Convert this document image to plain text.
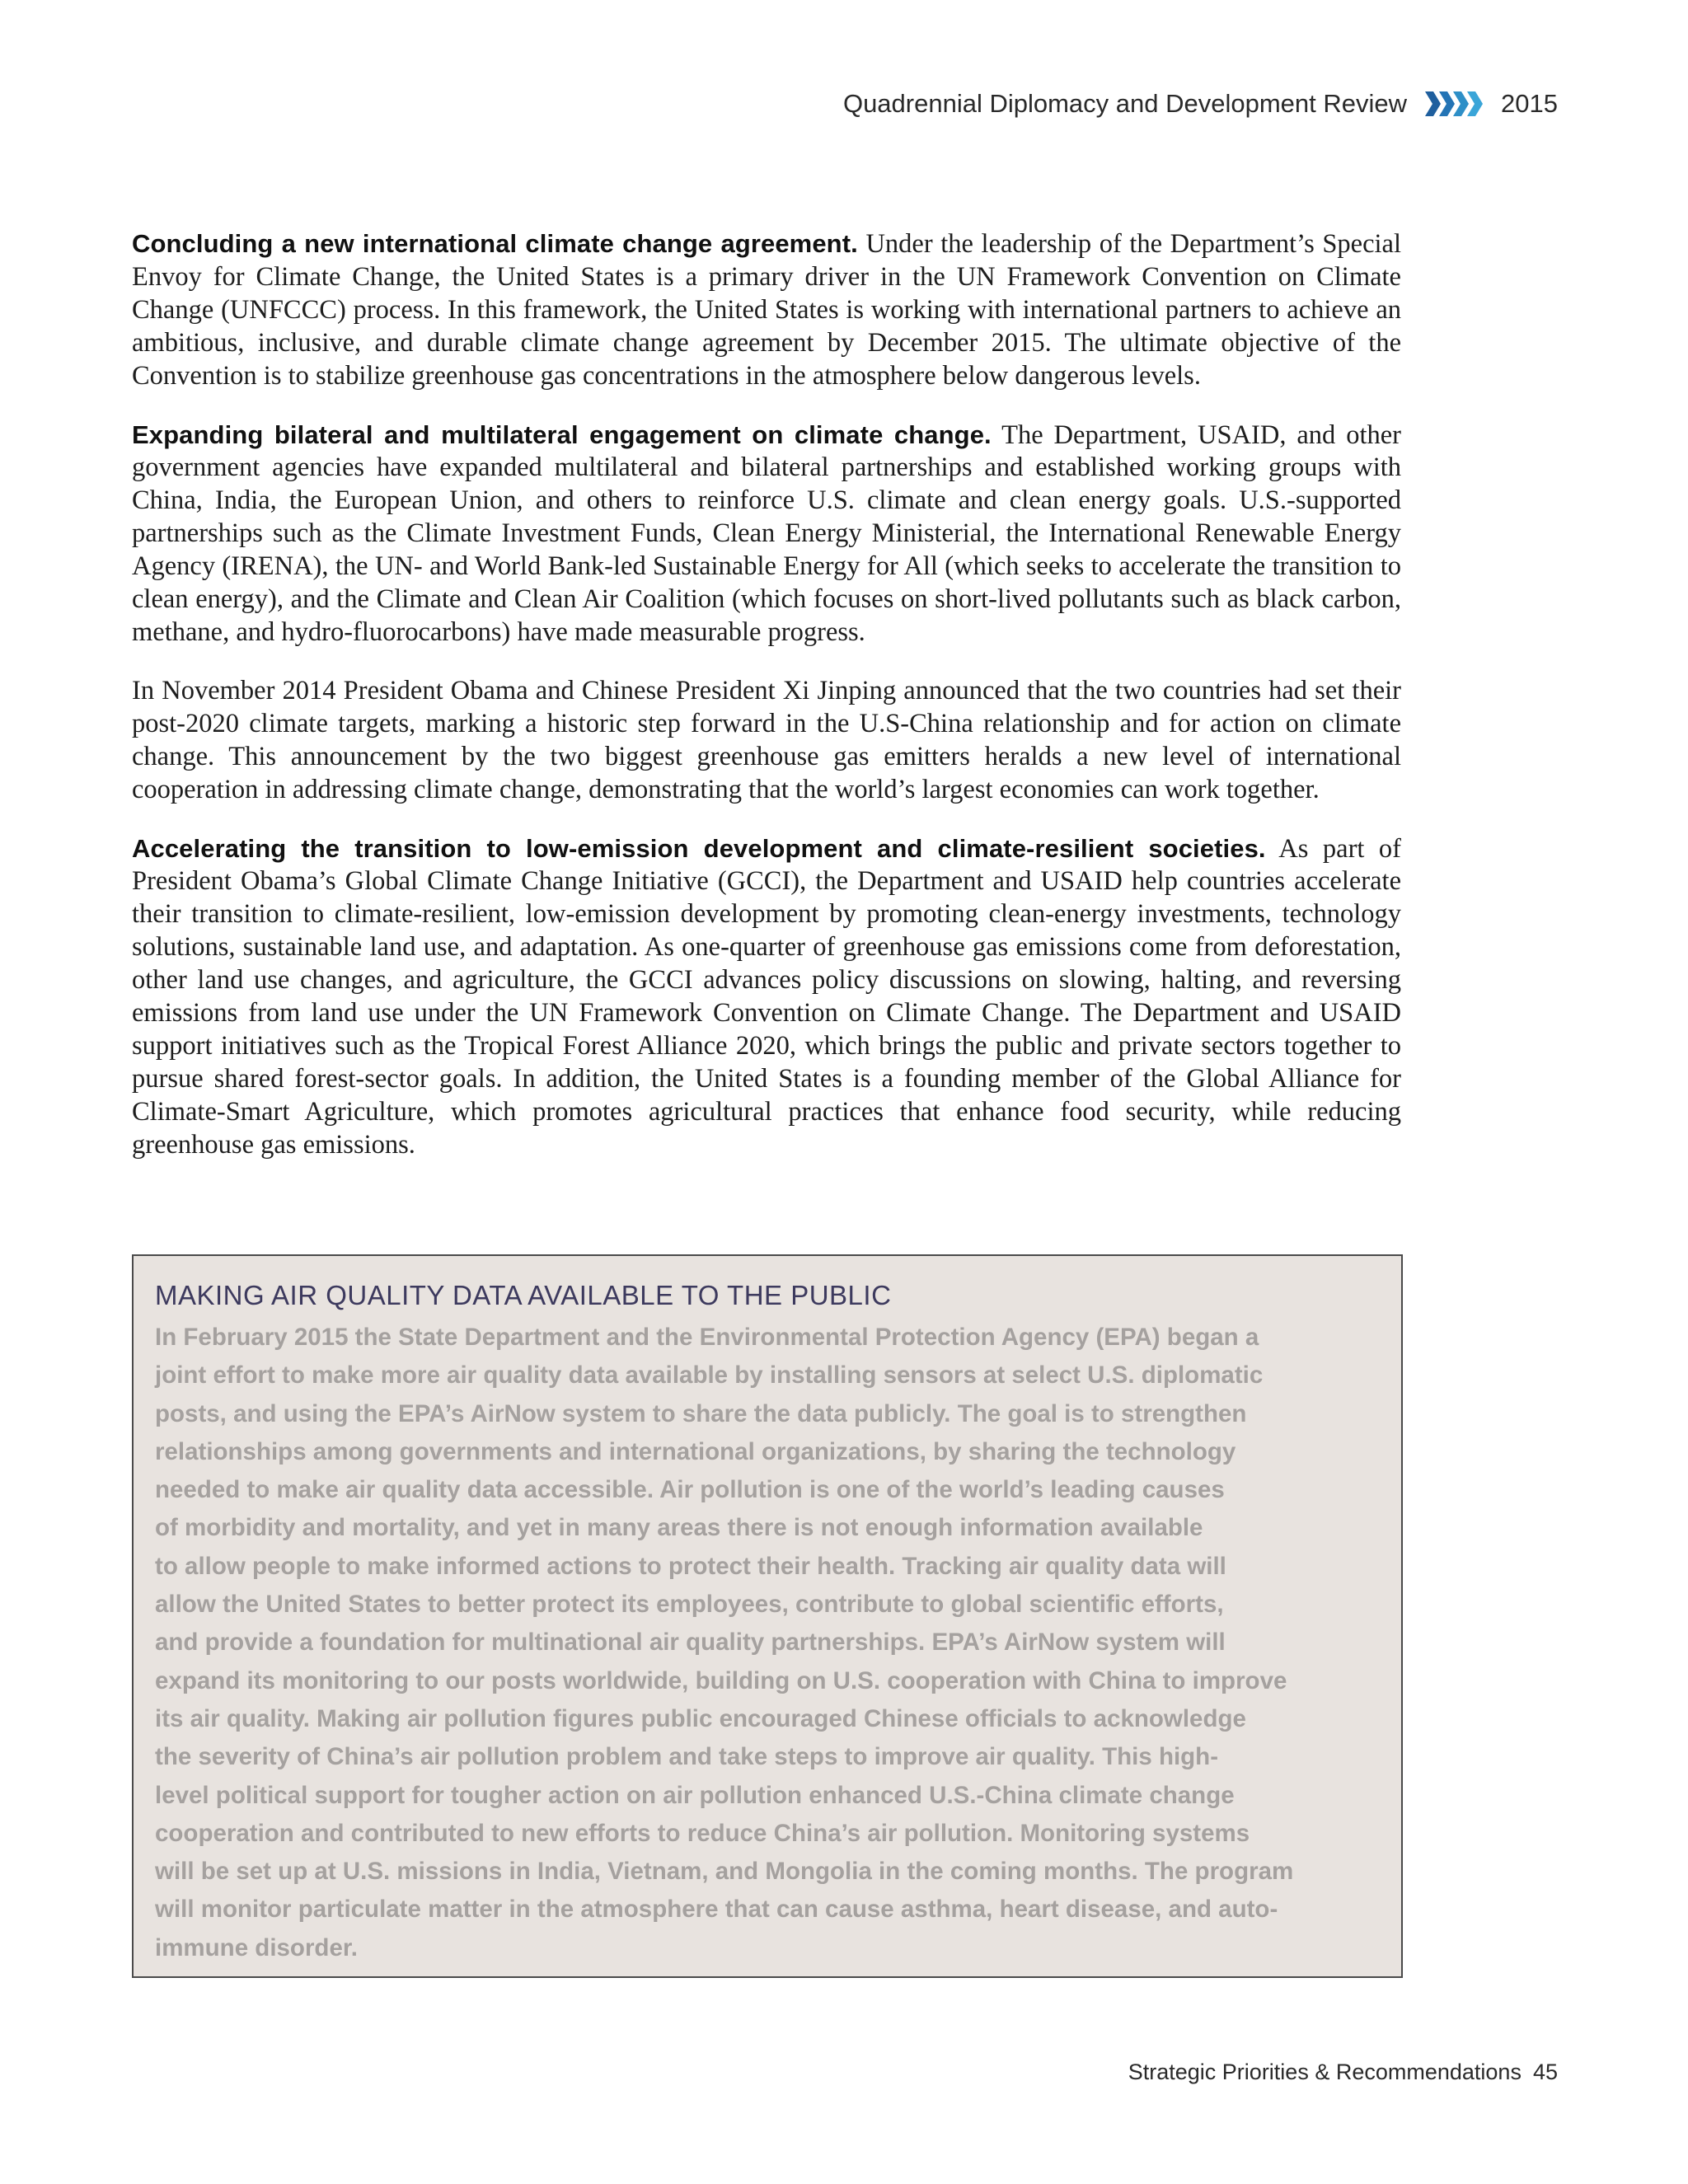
Quadrennial Diplomacy and Development Review	2015

Concluding a new international climate change agreement. Under the leadership of the Department’s Special Envoy for Climate Change, the United States is a primary driver in the UN Framework Convention on Climate Change (UNFCCC) process. In this framework, the United States is working with international partners to achieve an ambitious, inclusive, and durable climate change agreement by December 2015. The ultimate objective of the Convention is to stabilize greenhouse gas concentrations in the atmosphere below dangerous levels.

Expanding bilateral and multilateral engagement on climate change. The Department, USAID, and other government agencies have expanded multilateral and bilateral partnerships and established working groups with China, India, the European Union, and others to reinforce U.S. climate and clean energy goals. U.S.-supported partnerships such as the Climate Investment Funds, Clean Energy Ministerial, the International Renewable Energy Agency (IRENA), the UN- and World Bank-led Sustainable Energy for All (which seeks to accelerate the transition to clean energy), and the Climate and Clean Air Coalition (which focuses on short-lived pollutants such as black carbon, methane, and hydro-fluorocarbons) have made measurable progress.

In November 2014 President Obama and Chinese President Xi Jinping announced that the two countries had set their post-2020 climate targets, marking a historic step forward in the U.S-China relationship and for action on climate change. This announcement by the two biggest greenhouse gas emitters heralds a new level of international cooperation in addressing climate change, demonstrating that the world’s largest economies can work together.

Accelerating the transition to low-emission development and climate-resilient societies. As part of President Obama’s Global Climate Change Initiative (GCCI), the Department and USAID help countries accelerate their transition to climate-resilient, low-emission development by promoting clean-energy investments, technology solutions, sustainable land use, and adaptation. As one-quarter of greenhouse gas emissions come from deforestation, other land use changes, and agriculture, the GCCI advances policy discussions on slowing, halting, and reversing emissions from land use under the UN Framework Convention on Climate Change. The Department and USAID support initiatives such as the Tropical Forest Alliance 2020, which brings the public and private sectors together to pursue shared forest-sector goals. In addition, the United States is a founding member of the Global Alliance for Climate-Smart Agriculture, which promotes agricultural practices that enhance food security, while reducing greenhouse gas emissions.

MAKING AIR QUALITY DATA AVAILABLE TO THE PUBLIC
In February 2015 the State Department and the Environmental Protection Agency (EPA) began a
joint effort to make more air quality data available by installing sensors at select U.S. diplomatic
posts, and using the EPA’s AirNow system to share the data publicly. The goal is to strengthen
relationships among governments and international organizations, by sharing the technology
needed to make air quality data accessible. Air pollution is one of the world’s leading causes
of morbidity and mortality, and yet in many areas there is not enough information available
to allow people to make informed actions to protect their health. Tracking air quality data will
allow the United States to better protect its employees, contribute to global scientific efforts,
and provide a foundation for multinational air quality partnerships. EPA’s AirNow system will
expand its monitoring to our posts worldwide, building on U.S. cooperation with China to improve
its air quality. Making air pollution figures public encouraged Chinese officials to acknowledge
the severity of China’s air pollution problem and take steps to improve air quality. This high-
level political support for tougher action on air pollution enhanced U.S.-China climate change
cooperation and contributed to new efforts to reduce China’s air pollution. Monitoring systems
will be set up at U.S. missions in India, Vietnam, and Mongolia in the coming months. The program
will monitor particulate matter in the atmosphere that can cause asthma, heart disease, and auto-
immune disorder.
Strategic Priorities & Recommendations 45
